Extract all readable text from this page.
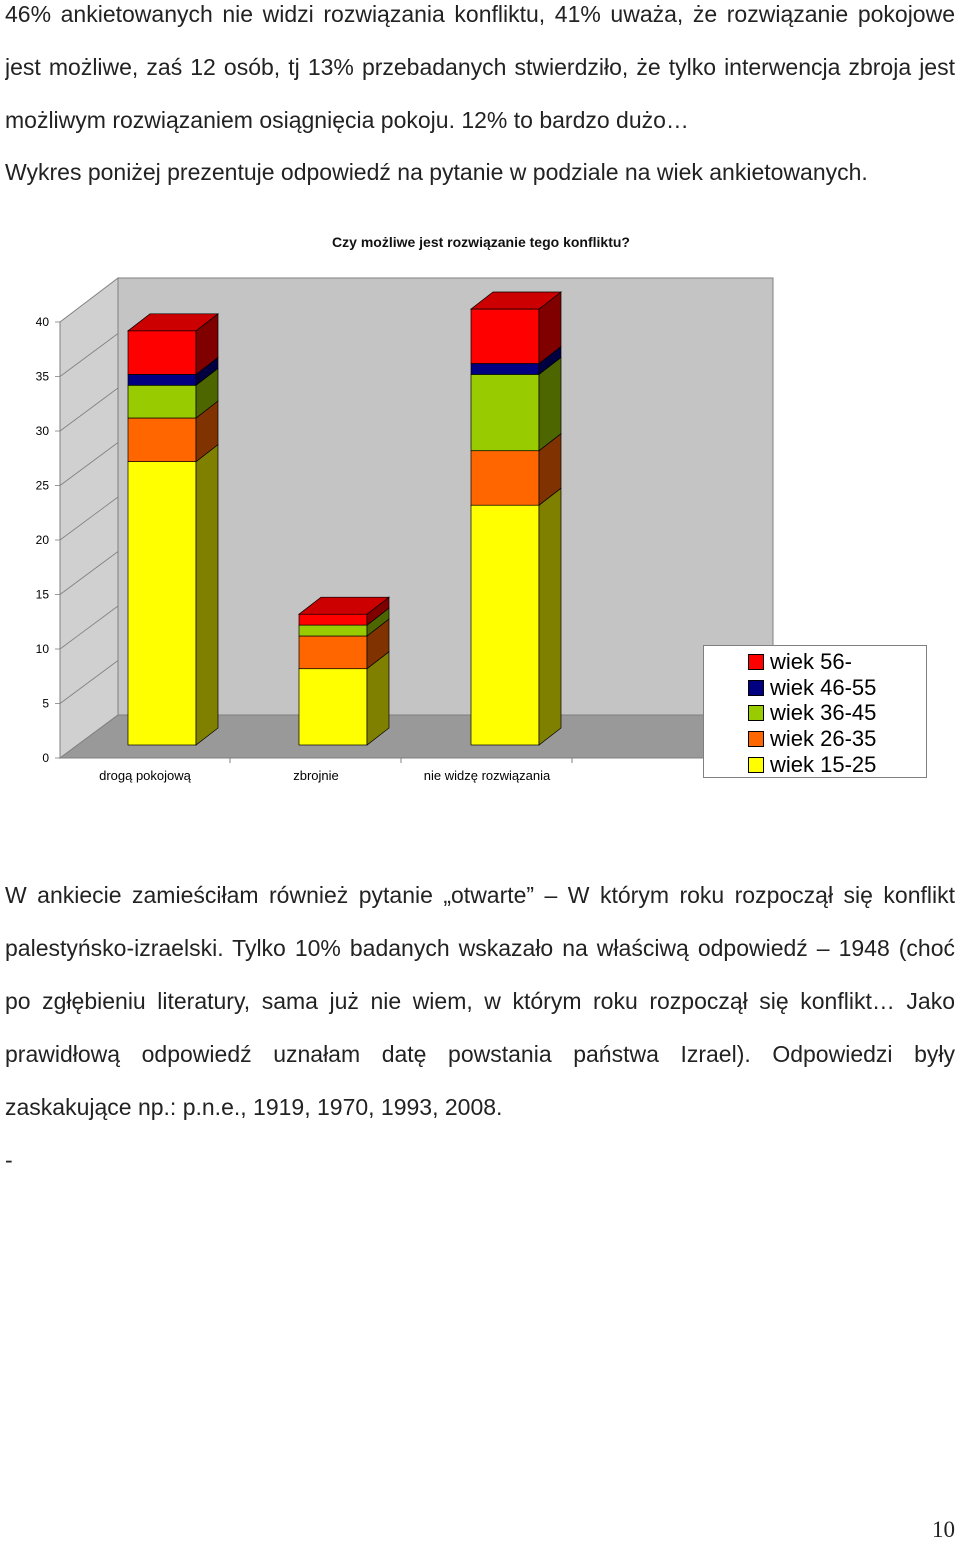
46% ankietowanych nie widzi rozwiązania konfliktu, 41% uważa, że rozwiązanie pokojowe
jest możliwe, zaś 12 osób, tj 13% przebadanych stwierdziło, że tylko interwencja zbroja jest
możliwym rozwiązaniem osiągnięcia pokoju. 12% to bardzo dużo…
Wykres poniżej prezentuje odpowiedź na pytanie w podziale na wiek ankietowanych.
Czy możliwe jest rozwiązanie tego konfliktu?
0
5
10
15
20
25
30
35
40
drogą pokojową	zbrojnie	nie widzę rozwiązania
wiek 56-
wiek 46-55
wiek 36-45
wiek 26-35
wiek 15-25
W ankiecie zamieściłam również pytanie „otwarte” – W którym roku rozpoczął się konflikt
palestyńsko-izraelski. Tylko 10% badanych wskazało na właściwą odpowiedź – 1948 (choć
po zgłębieniu literatury, sama już nie wiem, w którym roku rozpoczął się konflikt… Jako
prawidłową odpowiedź uznałam datę powstania państwa Izrael). Odpowiedzi były
zaskakujące np.: p.n.e., 1919, 1970, 1993, 2008.
-
10
